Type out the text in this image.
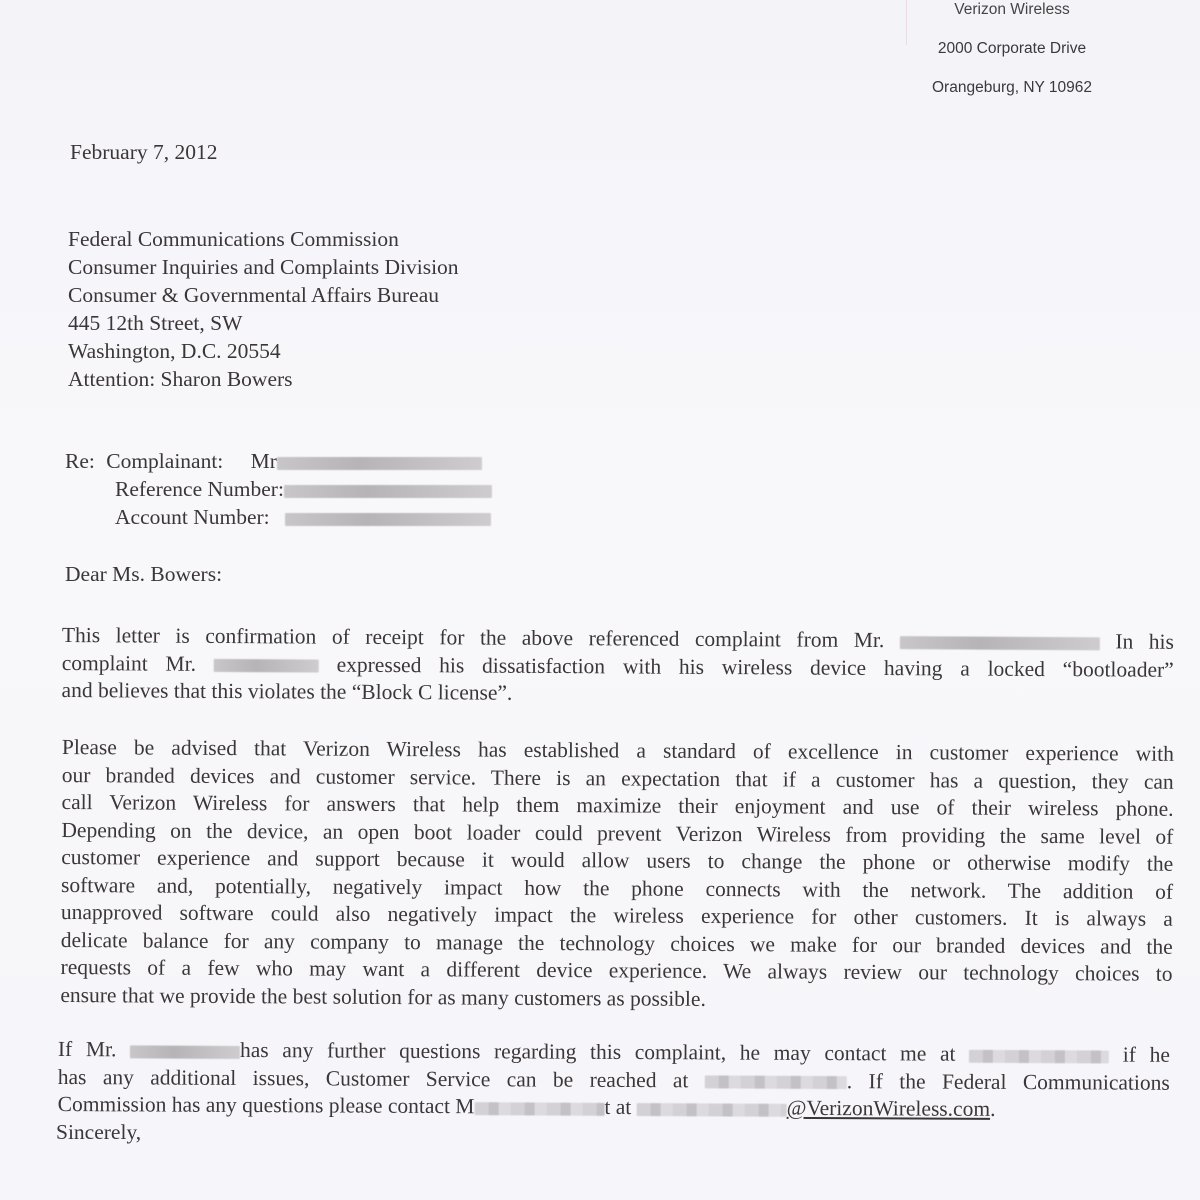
Verizon Wireless
2000 Corporate Drive
Orangeburg, NY 10962
February 7, 2012
Federal Communications Commission
Consumer Inquiries and Complaints Division
Consumer & Governmental Affairs Bureau
445 12th Street, SW
Washington, D.C. 20554
Attention: Sharon Bowers
Re: Complainant: Mr
Reference Number:
Account Number:
Dear Ms. Bowers:
This letter is confirmation of receipt for the above referenced complaint from Mr.	In his
complaint Mr.	expressed his dissatisfaction with his wireless device having a locked “bootloader”
and believes that this violates the “Block C license”.
Please be advised that Verizon Wireless has established a standard of excellence in customer experience with
our branded devices and customer service. There is an expectation that if a customer has a question, they can
call Verizon Wireless for answers that help them maximize their enjoyment and use of their wireless phone.
Depending on the device, an open boot loader could prevent Verizon Wireless from providing the same level of
customer experience and support because it would allow users to change the phone or otherwise modify the
software and, potentially, negatively impact how the phone connects with the network. The addition of
unapproved software could also negatively impact the wireless experience for other customers. It is always a
delicate balance for any company to manage the technology choices we make for our branded devices and the
requests of a few who may want a different device experience. We always review our technology choices to
ensure that we provide the best solution for as many customers as possible.
If Mr.	has any further questions regarding this complaint, he may contact me at	if he
has any additional issues, Customer Service can be reached at	. If the Federal Communications
Commission has any questions please contact M	t at	@VerizonWireless.com.
Sincerely,
